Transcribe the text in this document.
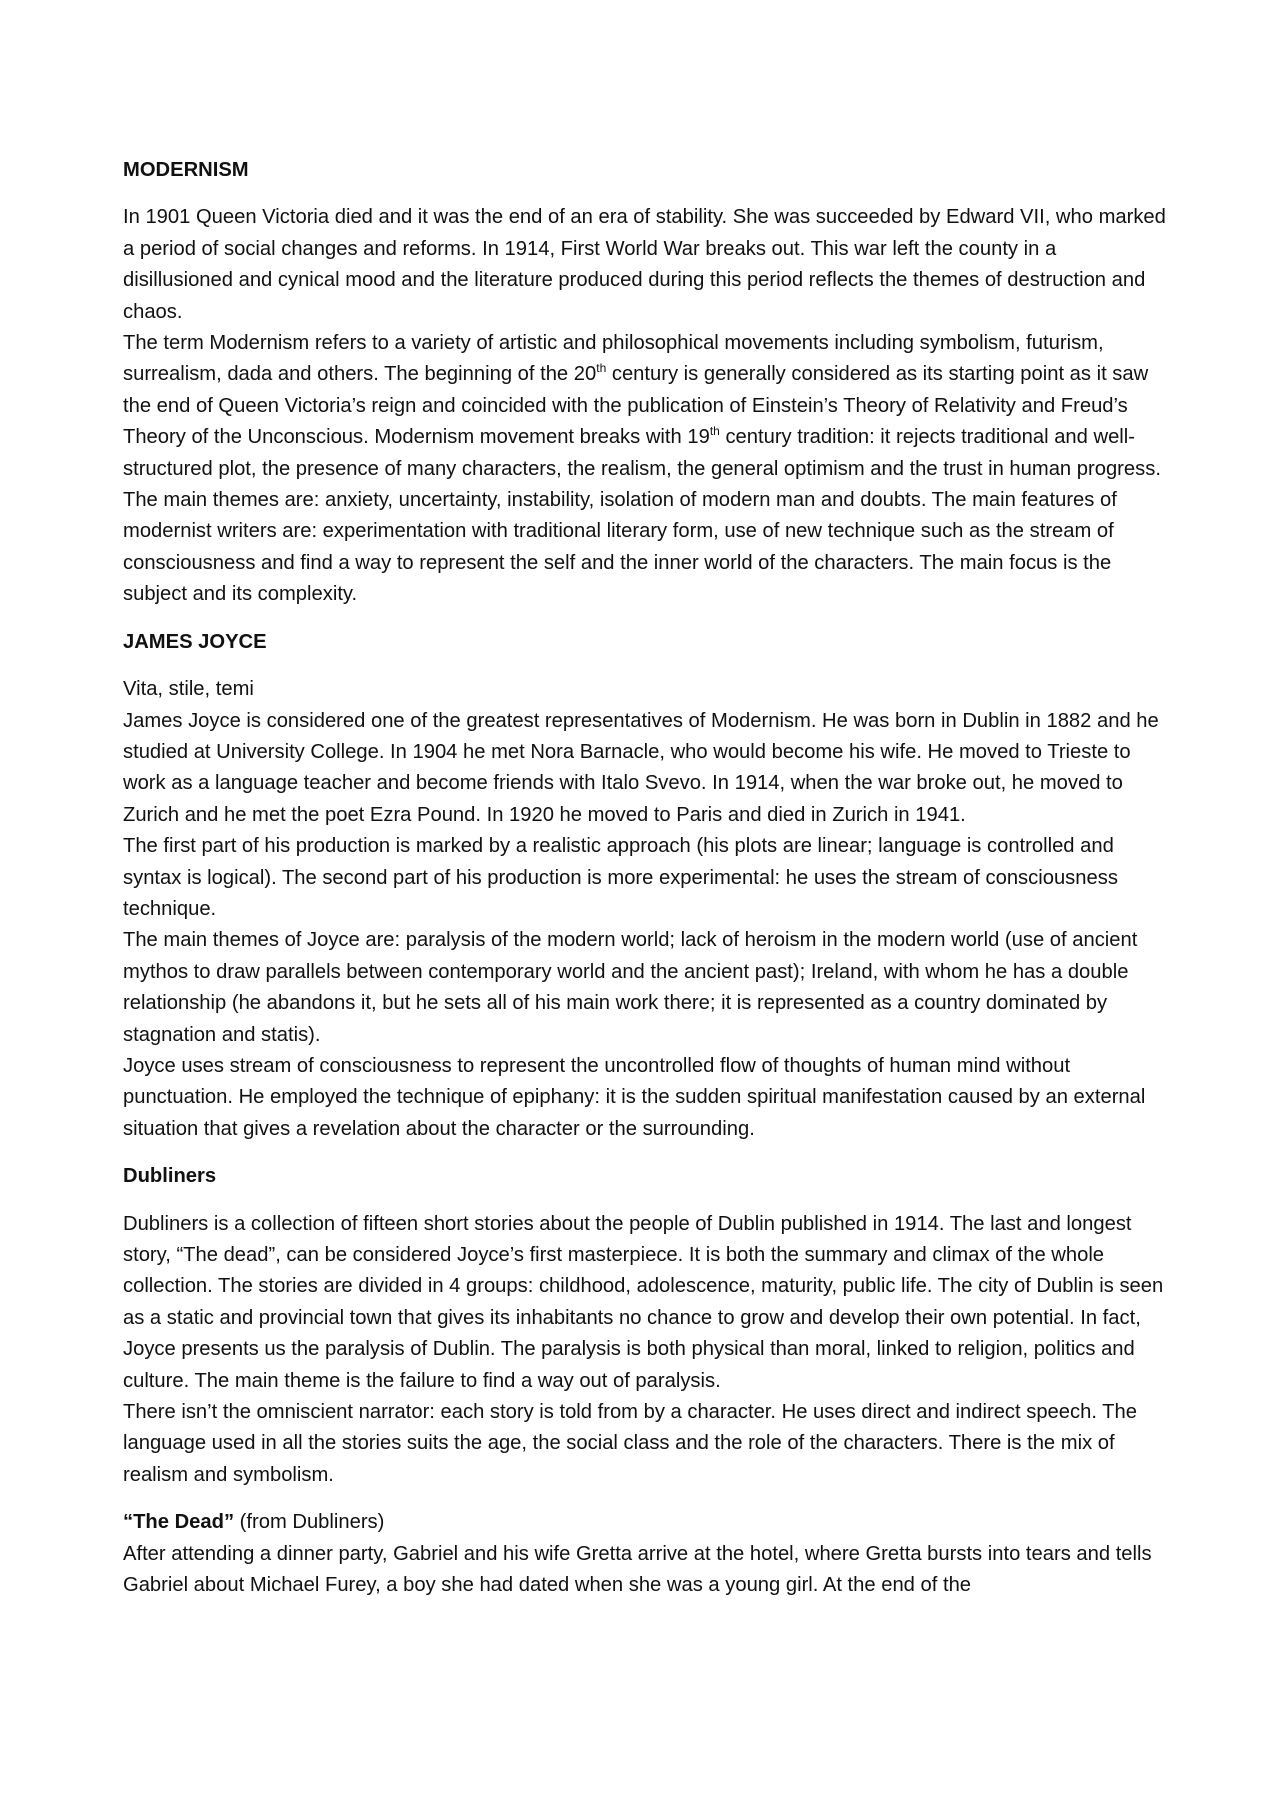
MODERNISM

In 1901 Queen Victoria died and it was the end of an era of stability. She was succeeded by Edward VII, who marked a period of social changes and reforms. In 1914, First World War breaks out. This war left the county in a disillusioned and cynical mood and the literature produced during this period reflects the themes of destruction and chaos.

The term Modernism refers to a variety of artistic and philosophical movements including symbolism, futurism, surrealism, dada and others. The beginning of the 20th century is generally considered as its starting point as it saw the end of Queen Victoria’s reign and coincided with the publication of Einstein’s Theory of Relativity and Freud’s Theory of the Unconscious. Modernism movement breaks with 19th century tradition: it rejects traditional and well-structured plot, the presence of many characters, the realism, the general optimism and the trust in human progress. The main themes are: anxiety, uncertainty, instability, isolation of modern man and doubts. The main features of modernist writers are: experimentation with traditional literary form, use of new technique such as the stream of consciousness and find a way to represent the self and the inner world of the characters. The main focus is the subject and its complexity.

JAMES JOYCE

Vita, stile, temi

James Joyce is considered one of the greatest representatives of Modernism. He was born in Dublin in 1882 and he studied at University College. In 1904 he met Nora Barnacle, who would become his wife. He moved to Trieste to work as a language teacher and become friends with Italo Svevo. In 1914, when the war broke out, he moved to Zurich and he met the poet Ezra Pound. In 1920 he moved to Paris and died in Zurich in 1941.

The first part of his production is marked by a realistic approach (his plots are linear; language is controlled and syntax is logical). The second part of his production is more experimental: he uses the stream of consciousness technique.

The main themes of Joyce are: paralysis of the modern world; lack of heroism in the modern world (use of ancient mythos to draw parallels between contemporary world and the ancient past); Ireland, with whom he has a double relationship (he abandons it, but he sets all of his main work there; it is represented as a country dominated by stagnation and statis).

Joyce uses stream of consciousness to represent the uncontrolled flow of thoughts of human mind without punctuation. He employed the technique of epiphany: it is the sudden spiritual manifestation caused by an external situation that gives a revelation about the character or the surrounding.

Dubliners

Dubliners is a collection of fifteen short stories about the people of Dublin published in 1914. The last and longest story, “The dead”, can be considered Joyce’s first masterpiece. It is both the summary and climax of the whole collection. The stories are divided in 4 groups: childhood, adolescence, maturity, public life. The city of Dublin is seen as a static and provincial town that gives its inhabitants no chance to grow and develop their own potential. In fact, Joyce presents us the paralysis of Dublin. The paralysis is both physical than moral, linked to religion, politics and culture. The main theme is the failure to find a way out of paralysis.

There isn’t the omniscient narrator: each story is told from by a character. He uses direct and indirect speech. The language used in all the stories suits the age, the social class and the role of the characters. There is the mix of realism and symbolism.

“The Dead” (from Dubliners)

After attending a dinner party, Gabriel and his wife Gretta arrive at the hotel, where Gretta bursts into tears and tells Gabriel about Michael Furey, a boy she had dated when she was a young girl. At the end of the
